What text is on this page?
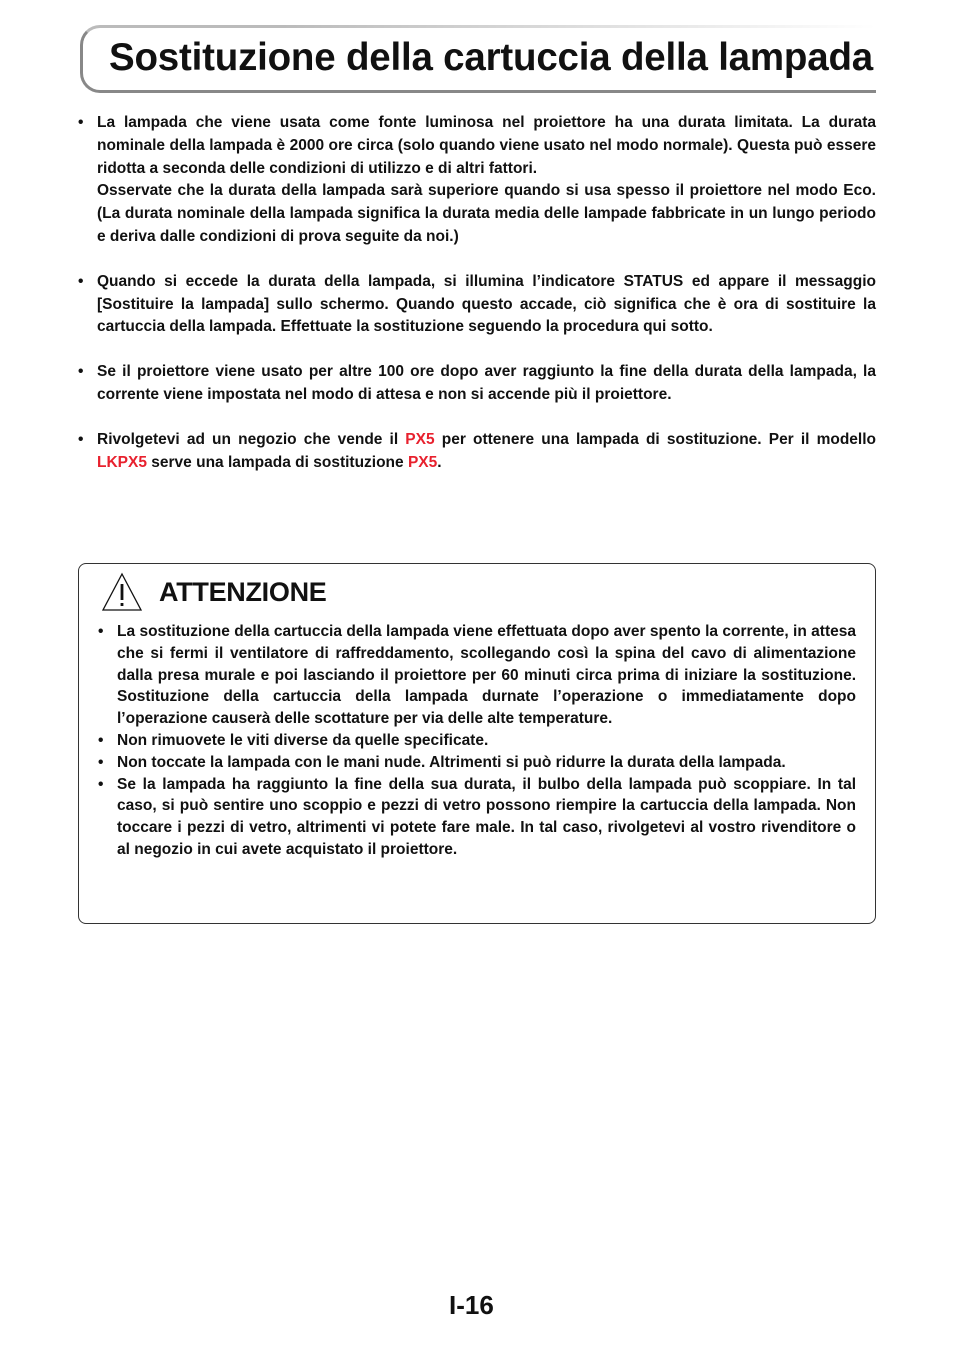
Sostituzione della cartuccia della lampada
• La lampada che viene usata come fonte luminosa nel proiettore ha una durata limitata. La durata nominale della lampada è 2000 ore circa (solo quando viene usato nel modo normale). Questa può essere ridotta a seconda delle condizioni di utilizzo e di altri fattori.

Osservate che la durata della lampada sarà superiore quando si usa spesso il proiettore nel modo Eco. (La durata nominale della lampada significa la durata media delle lampade fabbricate in un lungo periodo e deriva dalle condizioni di prova seguite da noi.)

• Quando si eccede la durata della lampada, si illumina l’indicatore STATUS ed appare il messaggio [Sostituire la lampada] sullo schermo. Quando questo accade, ciò significa che è ora di sostituire la cartuccia della lampada. Effettuate la sostituzione seguendo la procedura qui sotto.

• Se il proiettore viene usato per altre 100 ore dopo aver raggiunto la fine della durata della lampada, la corrente viene impostata nel modo di attesa e non si accende più il proiettore.

• Rivolgetevi ad un negozio che vende il PX5 per ottenere una lampada di sostituzione. Per il modello LKPX5 serve una lampada di sostituzione PX5.

ATTENZIONE
• La sostituzione della cartuccia della lampada viene effettuata dopo aver spento la corrente, in attesa che si fermi il ventilatore di raffreddamento, scollegando così la spina del cavo di alimentazione dalla presa murale e poi lasciando il proiettore per 60 minuti circa prima di iniziare la sostituzione. Sostituzione della cartuccia della lampada durnate l’operazione o immediatamente dopo l’operazione causerà delle scottature per via delle alte temperature.
• Non rimuovete le viti diverse da quelle specificate.
• Non toccate la lampada con le mani nude. Altrimenti si può ridurre la durata della lampada.
• Se la lampada ha raggiunto la fine della sua durata, il bulbo della lampada può scoppiare. In tal caso, si può sentire uno scoppio e pezzi di vetro possono riempire la cartuccia della lampada. Non toccare i pezzi di vetro, altrimenti vi potete fare male. In tal caso, rivolgetevi al vostro rivenditore o al negozio in cui avete acquistato il proiettore.

I-16
